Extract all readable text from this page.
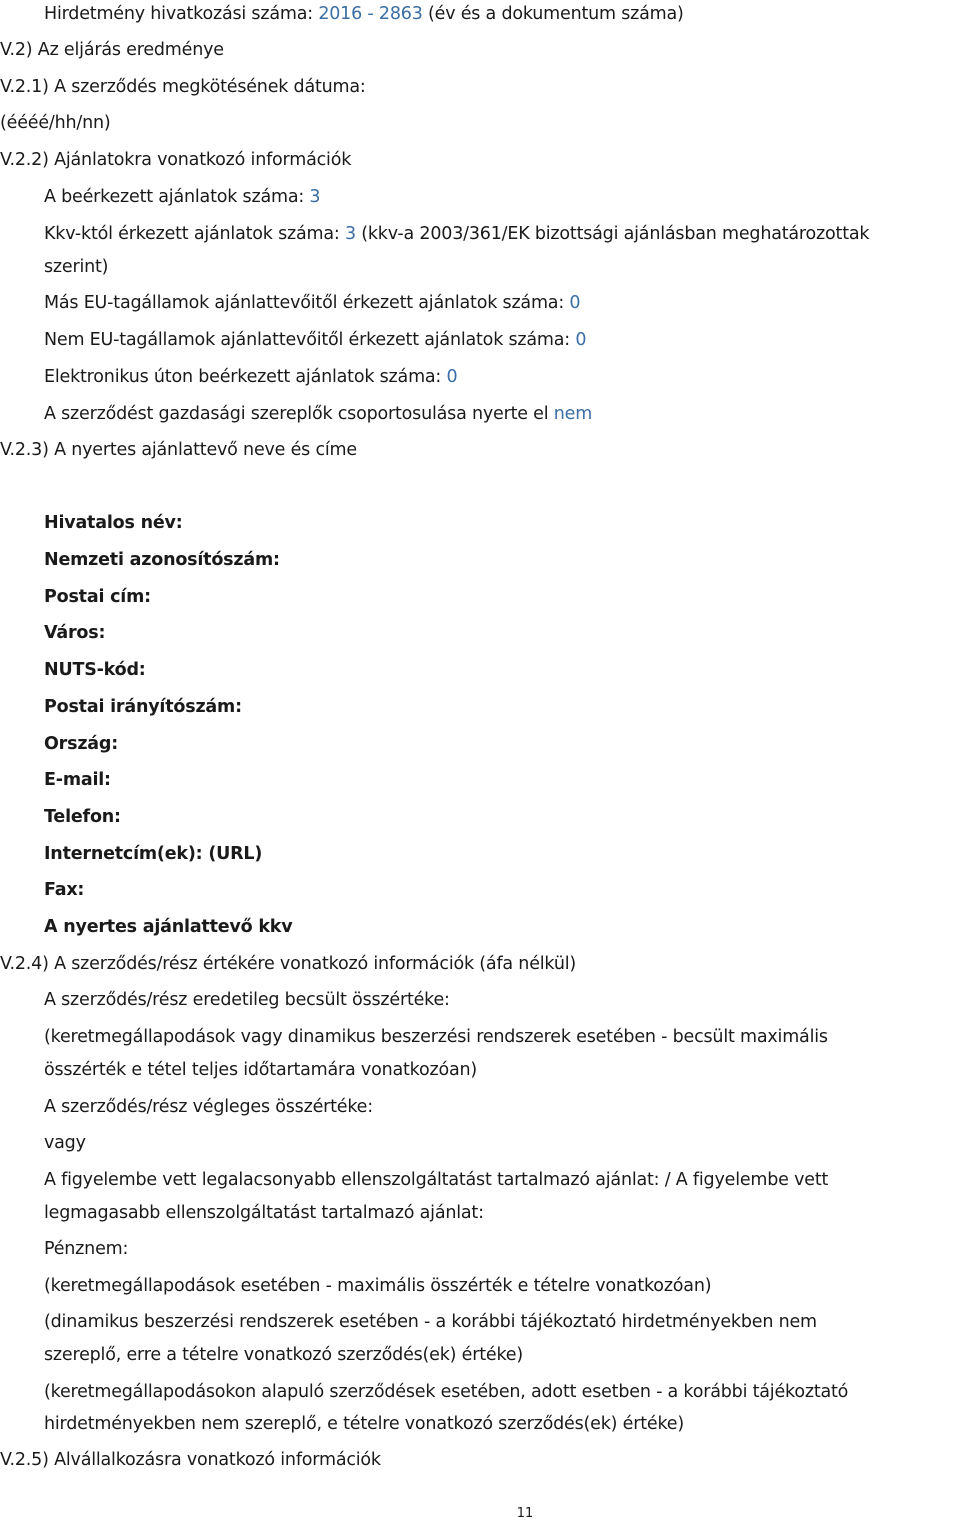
Hirdetmény hivatkozási száma: 2016 - 2863 (év és a dokumentum száma)
V.2) Az eljárás eredménye
V.2.1) A szerződés megkötésének dátuma:
(éééé/hh/nn)
V.2.2) Ajánlatokra vonatkozó információk
A beérkezett ajánlatok száma: 3
Kkv-któl érkezett ajánlatok száma: 3 (kkv-a 2003/361/EK bizottsági ajánlásban meghatározottak
szerint)
Más EU-tagállamok ajánlattevőitől érkezett ajánlatok száma: 0
Nem EU-tagállamok ajánlattevőitől érkezett ajánlatok száma: 0
Elektronikus úton beérkezett ajánlatok száma: 0
A szerződést gazdasági szereplők csoportosulása nyerte el nem
V.2.3) A nyertes ajánlattevő neve és címe
Hivatalos név:
Nemzeti azonosítószám:
Postai cím:
Város:
NUTS-kód:
Postai irányítószám:
Ország:
E-mail:
Telefon:
Internetcím(ek): (URL)
Fax:
A nyertes ajánlattevő kkv
V.2.4) A szerződés/rész értékére vonatkozó információk (áfa nélkül)
A szerződés/rész eredetileg becsült összértéke:
(keretmegállapodások vagy dinamikus beszerzési rendszerek esetében - becsült maximális
összérték e tétel teljes időtartamára vonatkozóan)
A szerződés/rész végleges összértéke:
vagy
A figyelembe vett legalacsonyabb ellenszolgáltatást tartalmazó ajánlat: / A figyelembe vett
legmagasabb ellenszolgáltatást tartalmazó ajánlat:
Pénznem:
(keretmegállapodások esetében - maximális összérték e tételre vonatkozóan)
(dinamikus beszerzési rendszerek esetében - a korábbi tájékoztató hirdetményekben nem
szereplő, erre a tételre vonatkozó szerződés(ek) értéke)
(keretmegállapodásokon alapuló szerződések esetében, adott esetben - a korábbi tájékoztató
hirdetményekben nem szereplő, e tételre vonatkozó szerződés(ek) értéke)
V.2.5) Alvállalkozásra vonatkozó információk
11
